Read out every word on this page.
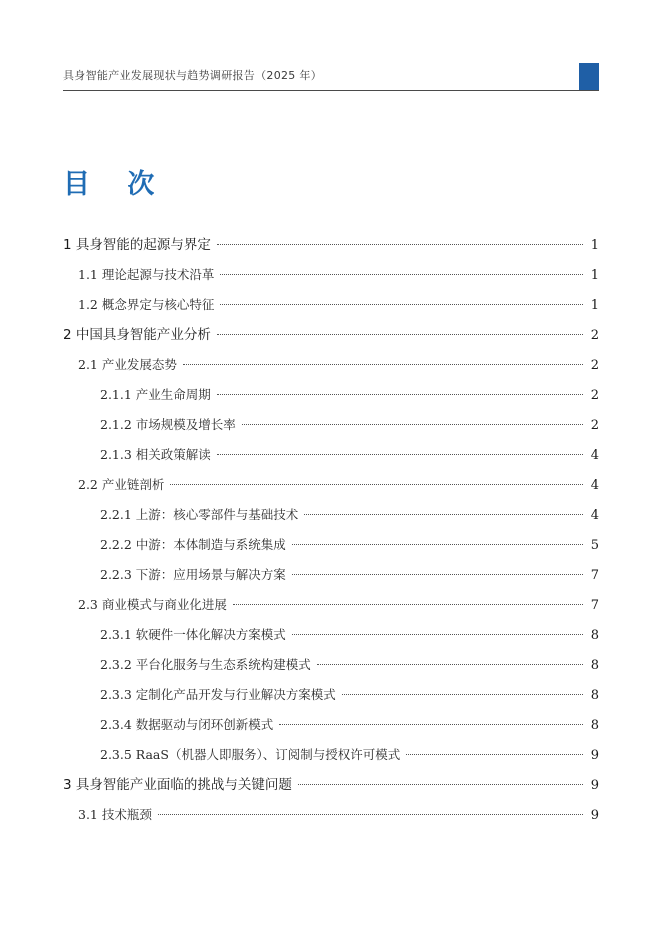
具身智能产业发展现状与趋势调研报告（2025 年）
目 次
1 具身智能的起源与界定	1
1.1 理论起源与技术沿革	1
1.2 概念界定与核心特征	1
2 中国具身智能产业分析	2
2.1 产业发展态势	2
2.1.1 产业生命周期	2
2.1.2 市场规模及增长率	2
2.1.3 相关政策解读	4
2.2 产业链剖析	4
2.2.1 上游：核心零部件与基础技术	4
2.2.2 中游：本体制造与系统集成	5
2.2.3 下游：应用场景与解决方案	7
2.3 商业模式与商业化进展	7
2.3.1 软硬件一体化解决方案模式	8
2.3.2 平台化服务与生态系统构建模式	8
2.3.3 定制化产品开发与行业解决方案模式	8
2.3.4 数据驱动与闭环创新模式	8
2.3.5 RaaS（机器人即服务）、订阅制与授权许可模式	9
3 具身智能产业面临的挑战与关键问题	9
3.1 技术瓶颈	9
